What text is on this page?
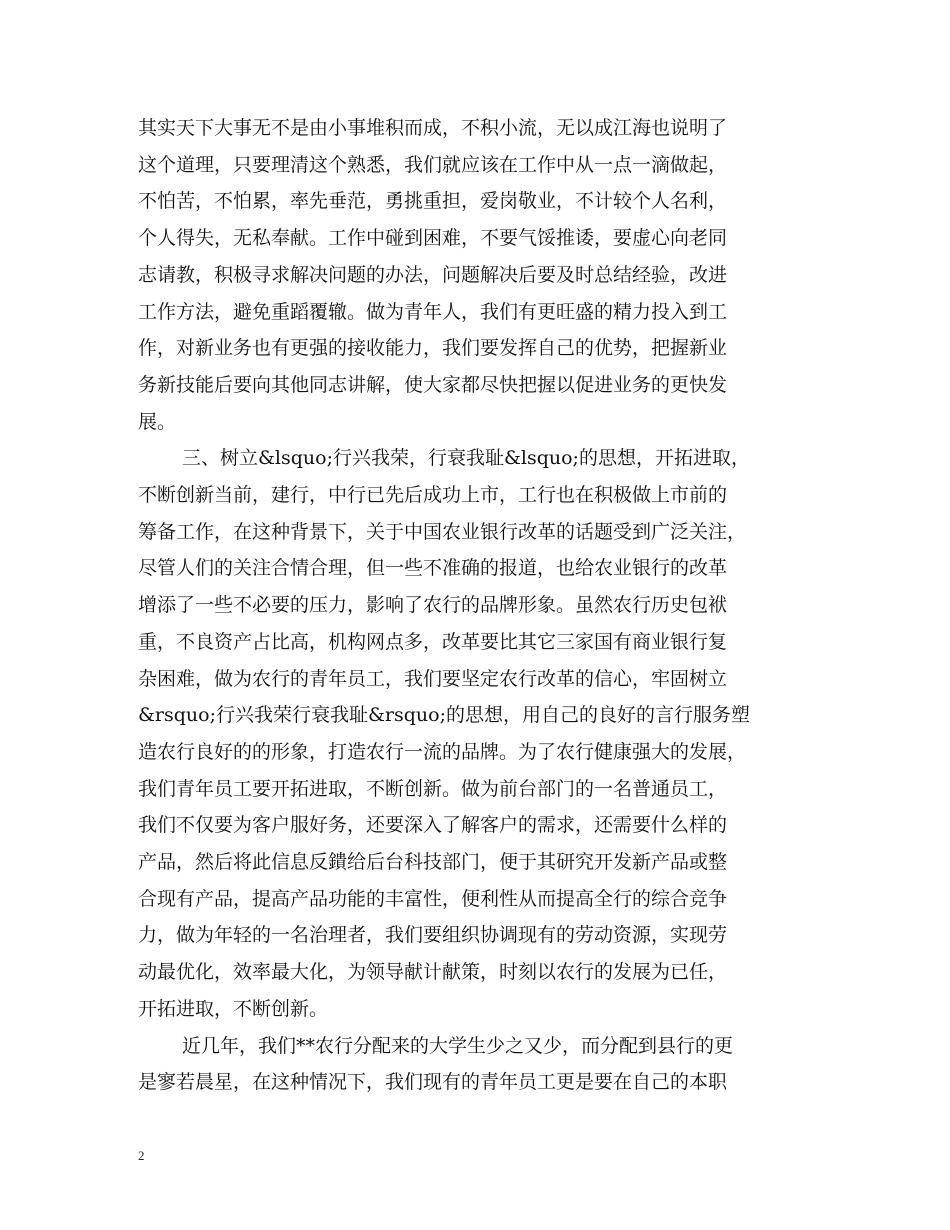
其实天下大事无不是由小事堆积而成，不积小流，无以成江海也说明了
这个道理，只要理清这个熟悉，我们就应该在工作中从一点一滴做起，
不怕苦，不怕累，率先垂范，勇挑重担，爱岗敬业，不计较个人名利，
个人得失，无私奉献。工作中碰到困难，不要气馁推诿，要虚心向老同
志请教，积极寻求解决问题的办法，问题解决后要及时总结经验，改进
工作方法，避免重蹈覆辙。做为青年人，我们有更旺盛的精力投入到工
作，对新业务也有更强的接收能力，我们要发挥自己的优势，把握新业
务新技能后要向其他同志讲解，使大家都尽快把握以促进业务的更快发
展。
三、树立&lsquo;行兴我荣，行衰我耻&lsquo;的思想，开拓进取，
不断创新当前，建行，中行已先后成功上市，工行也在积极做上市前的
筹备工作，在这种背景下，关于中国农业银行改革的话题受到广泛关注，
尽管人们的关注合情合理，但一些不准确的报道，也给农业银行的改革
增添了一些不必要的压力，影响了农行的品牌形象。虽然农行历史包袱
重，不良资产占比高，机构网点多，改革要比其它三家国有商业银行复
杂困难，做为农行的青年员工，我们要坚定农行改革的信心，牢固树立
&rsquo;行兴我荣行衰我耻&rsquo;的思想，用自己的良好的言行服务塑
造农行良好的的形象，打造农行一流的品牌。为了农行健康强大的发展，
我们青年员工要开拓进取，不断创新。做为前台部门的一名普通员工，
我们不仅要为客户服好务，还要深入了解客户的需求，还需要什么样的
产品，然后将此信息反鐀给后台科技部门，便于其研究开发新产品或整
合现有产品，提高产品功能的丰富性，便利性从而提高全行的综合竞争
力，做为年轻的一名治理者，我们要组织协调现有的劳动资源，实现劳
动最优化，效率最大化，为领导献计献策，时刻以农行的发展为已任，
开拓进取，不断创新。
近几年，我们**农行分配来的大学生少之又少，而分配到县行的更
是寥若晨星，在这种情况下，我们现有的青年员工更是要在自己的本职
2
